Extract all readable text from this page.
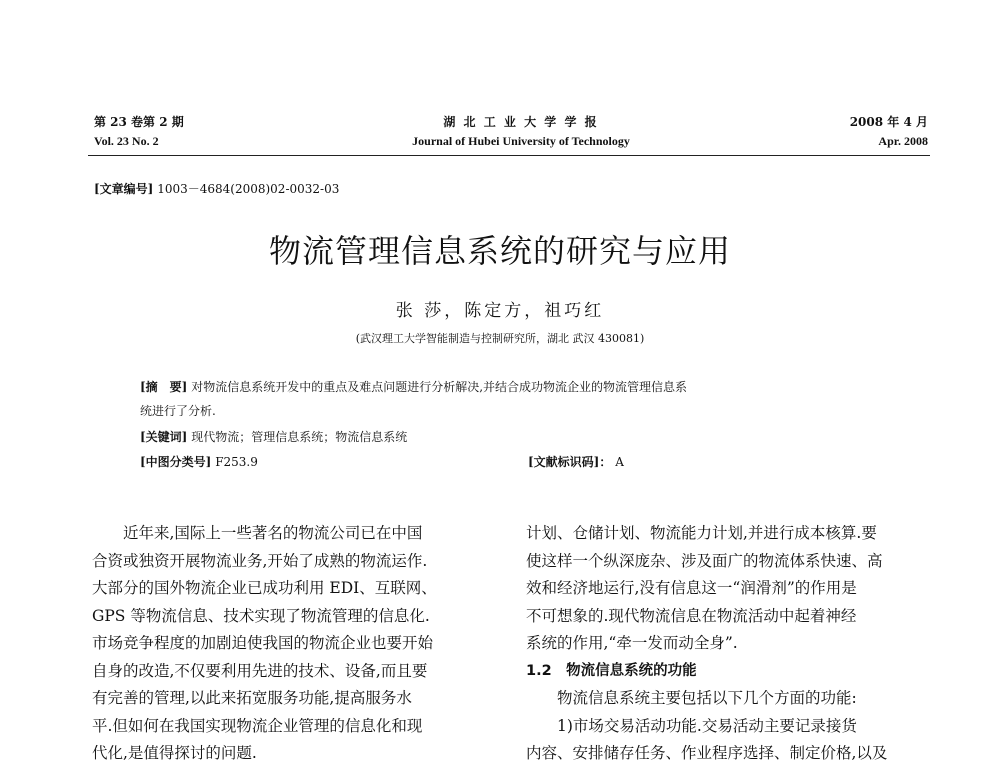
第 23 卷第 2 期
Vol. 23 No. 2
湖 北 工 业 大 学 学 报
Journal of Hubei University of Technology
2008 年 4 月
Apr. 2008
[文章编号] 1003－4684(2008)02-0032-03
物流管理信息系统的研究与应用
张 莎，陈定方，祖巧红
(武汉理工大学智能制造与控制研究所，湖北 武汉 430081)
[摘　要] 对物流信息系统开发中的重点及难点问题进行分析解决,并结合成功物流企业的物流管理信息系
统进行了分析.
[关键词] 现代物流；管理信息系统；物流信息系统
[中图分类号] F253.9	[文献标识码]： A
　　近年来,国际上一些著名的物流公司已在中国
合资或独资开展物流业务,开始了成熟的物流运作.
大部分的国外物流企业已成功利用 EDI、互联网、
GPS 等物流信息、技术实现了物流管理的信息化.
市场竞争程度的加剧迫使我国的物流企业也要开始
自身的改造,不仅要利用先进的技术、设备,而且要
有完善的管理,以此来拓宽服务功能,提高服务水
平.但如何在我国实现物流企业管理的信息化和现
代化,是值得探讨的问题.
计划、仓储计划、物流能力计划,并进行成本核算.要
使这样一个纵深庞杂、涉及面广的物流体系快速、高
效和经济地运行,没有信息这一“润滑剂”的作用是
不可想象的.现代物流信息在物流活动中起着神经
系统的作用,“牵一发而动全身”.
1.2　物流信息系统的功能
　　物流信息系统主要包括以下几个方面的功能:
　　1)市场交易活动功能.交易活动主要记录接货
内容、安排储存任务、作业程序选择、制定价格,以及
